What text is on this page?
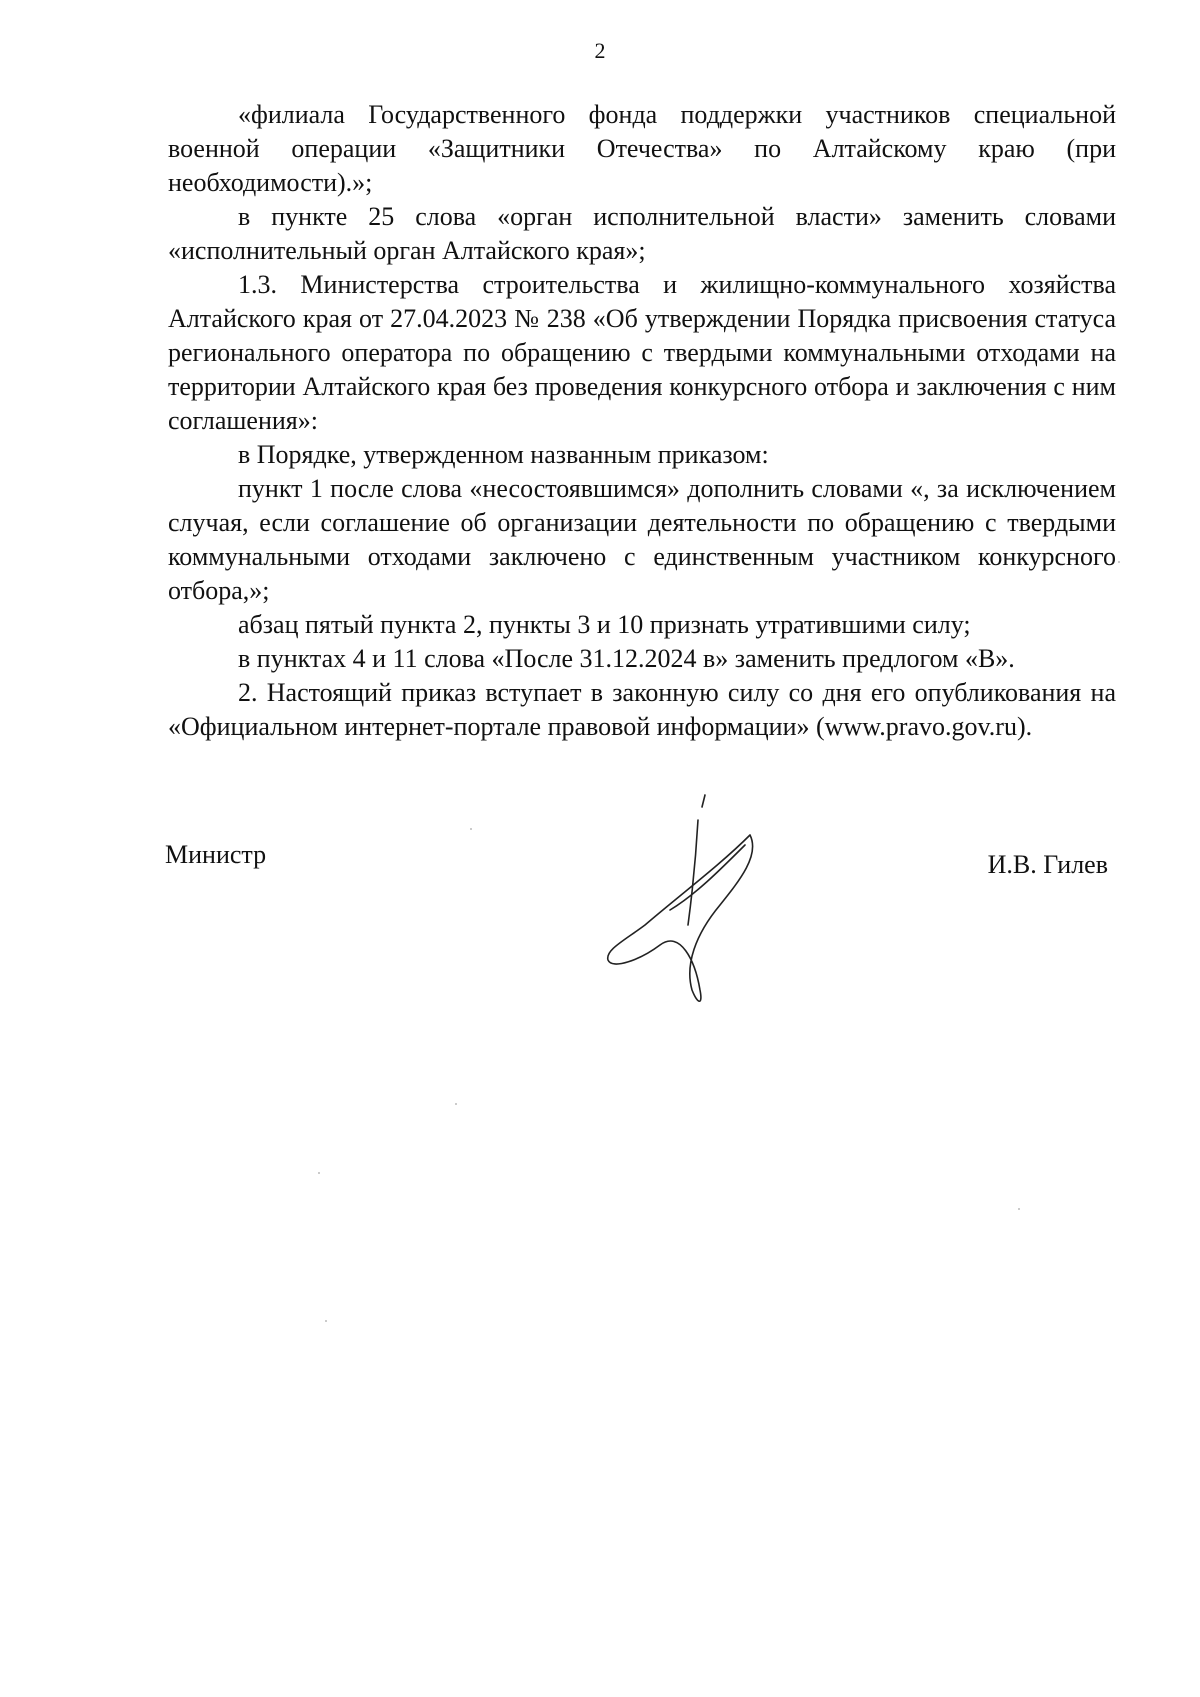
2

«филиала Государственного фонда поддержки участников специальной военной операции «Защитники Отечества» по Алтайскому краю (при необходимости).»;

в пункте 25 слова «орган исполнительной власти» заменить словами «исполнительный орган Алтайского края»;

1.3. Министерства строительства и жилищно-коммунального хозяйства Алтайского края от 27.04.2023 № 238 «Об утверждении Порядка присвоения статуса регионального оператора по обращению с твердыми коммунальными отходами на территории Алтайского края без проведения конкурсного отбора и заключения с ним соглашения»:

в Порядке, утвержденном названным приказом:

пункт 1 после слова «несостоявшимся» дополнить словами «, за исключением случая, если соглашение об организации деятельности по обращению с твердыми коммунальными отходами заключено с единственным участником конкурсного отбора,»;

абзац пятый пункта 2, пункты 3 и 10 признать утратившими силу;

в пунктах 4 и 11 слова «После 31.12.2024 в» заменить предлогом «В».

2. Настоящий приказ вступает в законную силу со дня его опубликования на «Официальном интернет-портале правовой информации» (www.pravo.gov.ru).

Министр	И.В. Гилев
